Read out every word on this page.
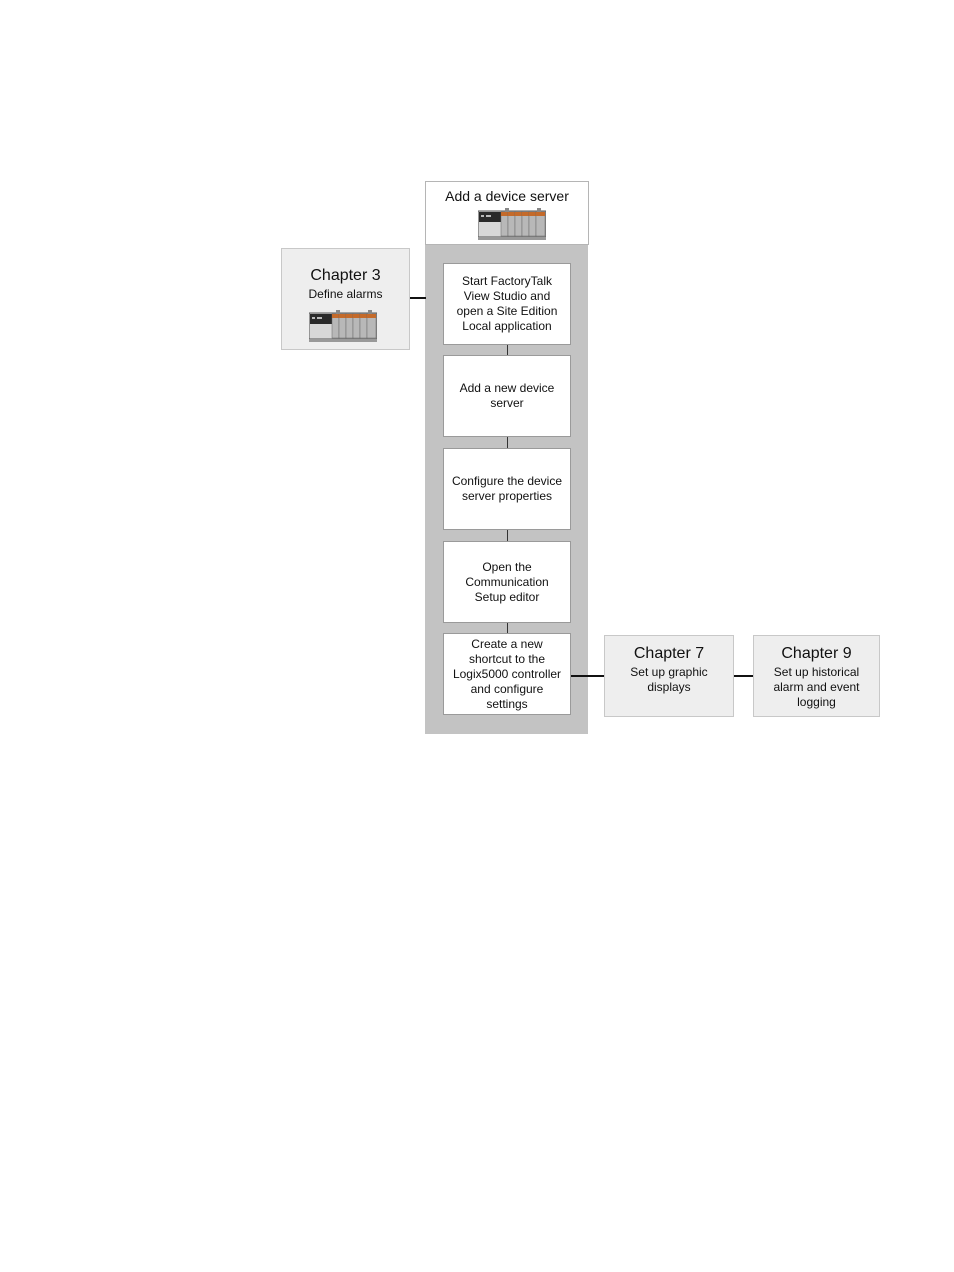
Add a device server
Start FactoryTalk
View Studio and
open a Site Edition
Local application
Add a new device
server
Configure the device
server properties
Open the
Communication
Setup editor
Create a new
shortcut to the
Logix5000 controller
and configure
settings
Chapter 3
Define alarms
Chapter 7
Set up graphic
displays
Chapter 9
Set up historical
alarm and event
logging
